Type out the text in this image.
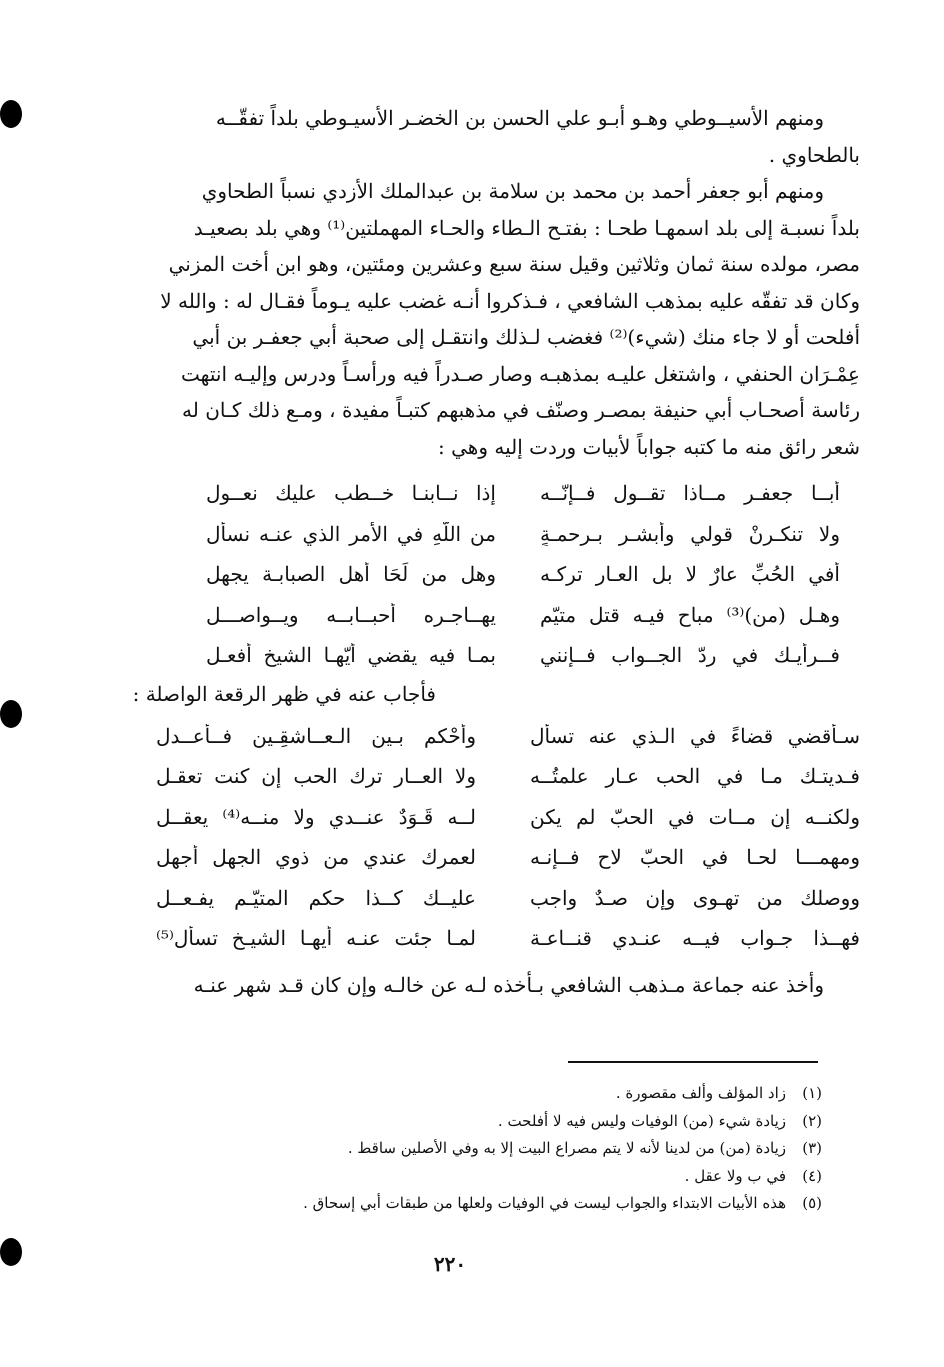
ومنهم الأسيــوطي وهـو أبـو علي الحسن بن الخضـر الأسيـوطي بلداً تفقّــه
بالطحاوي .
ومنهم أبو جعفر أحمد بن محمد بن سلامة بن عبدالملك الأزدي نسباً الطحاوي
بلداً نسبـة إلى بلد اسمهـا طحـا : بفتـح الـطاء والحـاء المهملتين⁽¹⁾ وهي بلد بصعيـد
مصر، مولده سنة ثمان وثلاثين وقيل سنة سبع وعشرين ومئتين، وهو ابن أخت المزني
وكان قد تفقّه عليه بمذهب الشافعي ، فـذكروا أنـه غضب عليه يـوماً فقـال له : والله لا
أفلحت أو لا جاء منك (شيء)⁽²⁾ فغضب لـذلك وانتقـل إلى صحبة أبي جعفـر بن أبي
عِمْـرَان الحنفي ، واشتغل عليـه بمذهبـه وصار صـدراً فيه ورأسـاً ودرس وإليـه انتهت
رئاسة أصحـاب أبي حنيفة بمصـر وصنّف في مذهبهم كتبـاً مفيدة ، ومـع ذلك كـان له
شعر رائق منه ما كتبه جواباً لأبيات وردت إليه وهي :
أبــا جعفـر مــاذا تقــول فــإنّــه
إذا نــابنـا خــطب عليك نعــول
ولا تنكـرنْ قولي وأبشـر بـرحمـةٍ
من اللّهِ في الأمر الذي عنـه نسأل
أفي الحُبِّ عارٌ لا بل العـار تركـه
وهل من لَحَا أهل الصبابـة يجهل
وهـل (من)⁽³⁾ مباح فيـه قتل متيّم
يهــاجـره أحبــابــه ويــواصـــل
فــرأيـك في ردّ الجــواب فــإنني
بمـا فيه يقضي أيّهـا الشيخ أفعـل
فأجاب عنه في ظهر الرقعة الواصلة :
سـأقضي قضاءً في الـذي عنه تسأل
وأحْكم بـين الـعــاشقِـين فــأعــدل
فـديتـك مـا في الحب عـار علمتُــه
ولا العــار ترك الحب إن كنت تعقـل
ولكنــه إن مــات في الحبّ لم يكن
لــه قَـوَدٌ عنــدي ولا منــه⁽⁴⁾ يعقــل
ومهمـــا لحـا في الحبّ لاحٍ فــإنـه
لعمرك عندي من ذوي الجهل أجهل
ووصلك من تهـوى وإن صـدٌ واجب
عليــك كــذا حكم المتيّـم يفـعــل
فهــذا جـواب فيــه عنـدي قنــاعـة
لمـا جئت عنـه أيهـا الشيـخ تسأل⁽⁵⁾
وأخذ عنه جماعة مـذهب الشافعي بـأخذه لـه عن خالـه وإن كان قـد شهر عنـه
(١)
زاد المؤلف وألف مقصورة .
(٢)
زيادة شيء (من) الوفيات وليس فيه لا أفلحت .
(٣)
زيادة (من) من لدينا لأنه لا يتم مصراع البيت إلا به وفي الأصلين ساقط .
(٤)
في ب ولا عقل .
(٥)
هذه الأبيات الابتداء والجواب ليست في الوفيات ولعلها من طبقات أبي إسحاق .
٢٢٠
